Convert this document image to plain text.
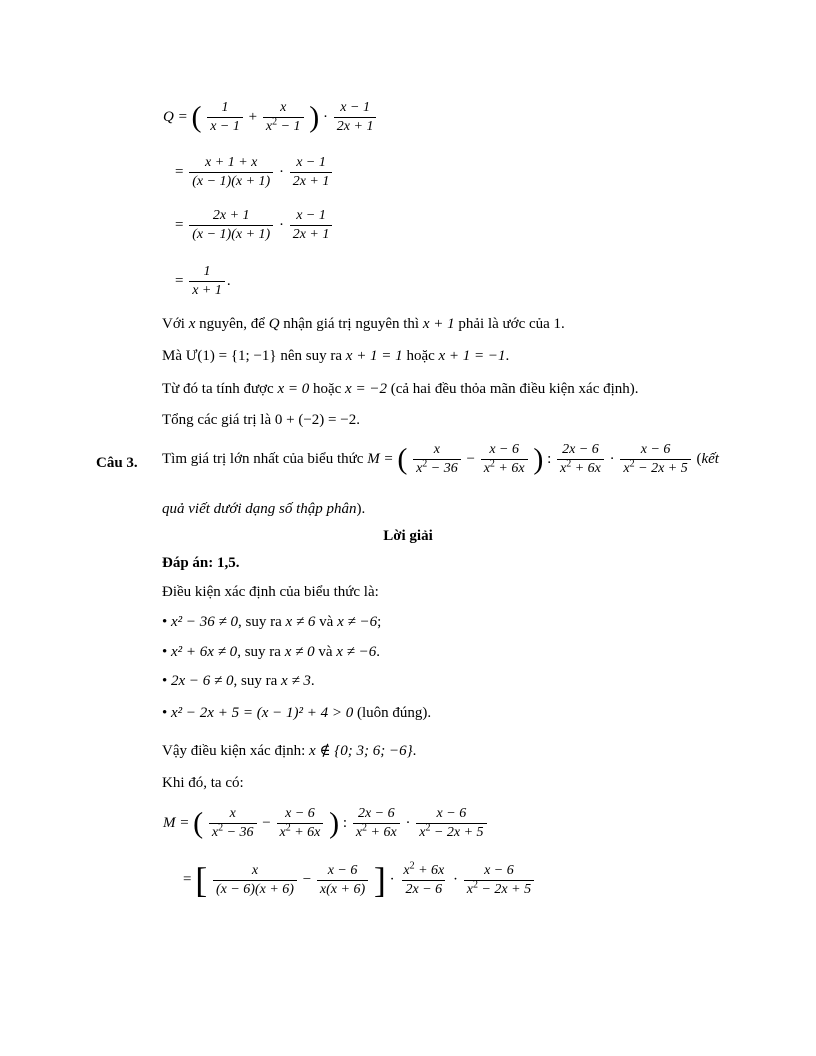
Q = ( $\frac{1}{x - 1} + \frac{x}{x^2 - 1}$ ) · $\frac{x - 1}{2x + 1}$
= $\frac{x + 1 + x}{(x - 1)(x + 1)} \cdot \frac{x - 1}{2x + 1}$
= $\frac{2x + 1}{(x - 1)(x + 1)} \cdot \frac{x - 1}{2x + 1}$
= $\frac{1}{x + 1}$ .
Với x nguyên, để Q nhận giá trị nguyên thì x + 1 phải là ước của 1.
Mà Ư(1) = {1; −1} nên suy ra x + 1 = 1 hoặc x + 1 = −1.
Từ đó ta tính được x = 0 hoặc x = −2 (cả hai đều thỏa mãn điều kiện xác định).
Tổng các giá trị là 0 + (−2) = −2.
Câu 3. Tìm giá trị lớn nhất của biểu thức M = ( $\frac{x}{x^2 - 36} - \frac{x - 6}{x^2 + 6x}$ ) : $\frac{2x - 6}{x^2 + 6x} \cdot \frac{x - 6}{x^2 - 2x + 5}$ (kết
quả viết dưới dạng số thập phân).
Lời giải
Đáp án: 1,5.
Điều kiện xác định của biểu thức là:
• x² − 36 ≠ 0, suy ra x ≠ 6 và x ≠ −6;
• x² + 6x ≠ 0, suy ra x ≠ 0 và x ≠ −6.
• 2x − 6 ≠ 0, suy ra x ≠ 3.
• x² − 2x + 5 = (x − 1)² + 4 > 0 (luôn đúng).
Vậy điều kiện xác định: x ∉ {0; 3; 6; −6}.
Khi đó, ta có:
M = ( $\frac{x}{x^2 - 36} - \frac{x - 6}{x^2 + 6x}$ ) : $\frac{2x - 6}{x^2 + 6x} \cdot \frac{x - 6}{x^2 - 2x + 5}$
= [ $\frac{x}{(x - 6)(x + 6)} - \frac{x - 6}{x(x + 6)}$ ] · $\frac{x^2 + 6x}{2x - 6} \cdot \frac{x - 6}{x^2 - 2x + 5}$
